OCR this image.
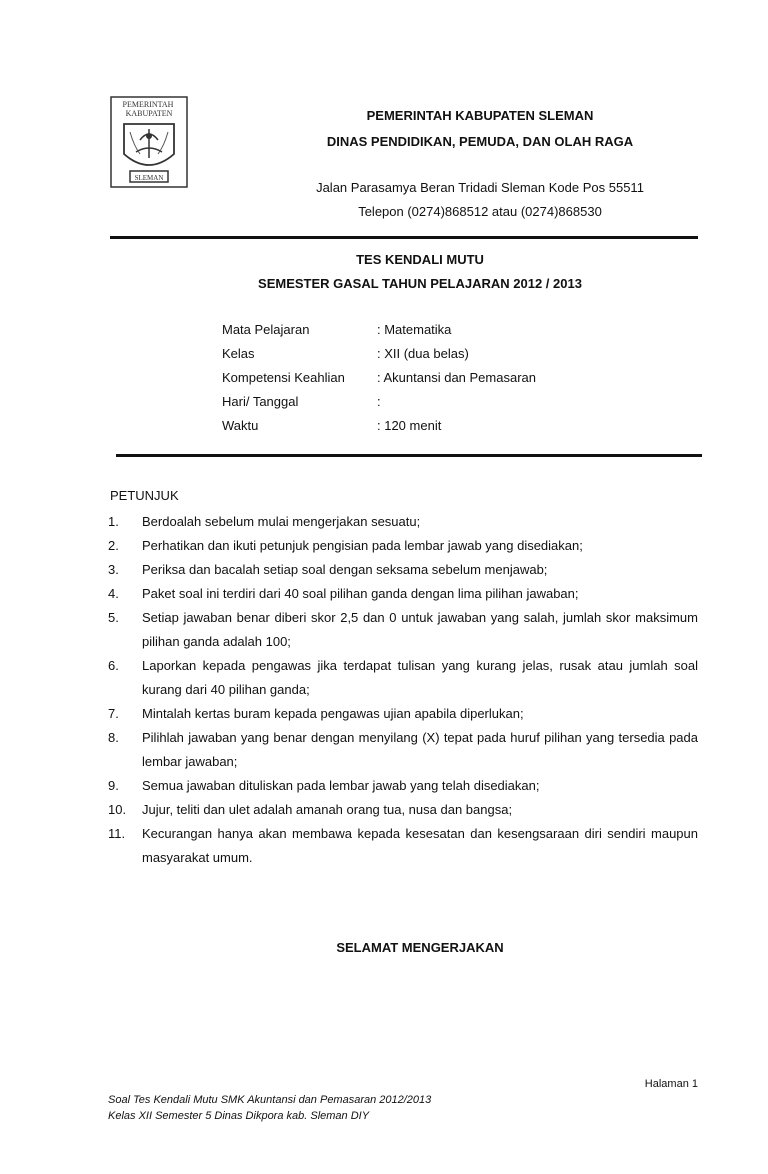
PEMERINTAH KABUPATEN
SLEMAN
PEMERINTAH KABUPATEN SLEMAN
DINAS PENDIDIKAN, PEMUDA, DAN OLAH RAGA
Jalan Parasamya Beran Tridadi Sleman Kode Pos 55511
Telepon (0274)868512 atau (0274)868530
TES KENDALI MUTU
SEMESTER GASAL TAHUN PELAJARAN 2012 / 2013
Mata Pelajaran	: Matematika
Kelas	: XII (dua belas)
Kompetensi Keahlian : Akuntansi dan Pemasaran
Hari/ Tanggal	:
Waktu	: 120 menit
PETUNJUK
1.	Berdoalah sebelum mulai mengerjakan sesuatu;
2.	Perhatikan dan ikuti petunjuk pengisian pada lembar jawab yang disediakan;
3.	Periksa dan bacalah setiap soal dengan seksama sebelum menjawab;
4.	Paket soal ini terdiri dari 40 soal pilihan ganda dengan lima pilihan jawaban;
5.	Setiap jawaban benar diberi skor 2,5 dan 0 untuk jawaban yang salah, jumlah skor maksimum pilihan ganda adalah 100;
6.	Laporkan kepada pengawas jika terdapat tulisan yang kurang jelas, rusak atau jumlah soal kurang dari 40 pilihan ganda;
7.	Mintalah kertas buram kepada pengawas ujian apabila diperlukan;
8.	Pilihlah jawaban yang benar dengan menyilang (X) tepat pada huruf pilihan yang tersedia pada lembar jawaban;
9.	Semua jawaban dituliskan pada lembar jawab yang telah disediakan;
10.	Jujur, teliti dan ulet adalah amanah orang tua, nusa dan bangsa;
11.	Kecurangan hanya akan membawa kepada kesesatan dan kesengsaraan diri sendiri maupun masyarakat umum.
SELAMAT MENGERJAKAN
Halaman 1
Soal Tes Kendali Mutu SMK Akuntansi dan Pemasaran 2012/2013
Kelas XII Semester 5 Dinas Dikpora kab. Sleman DIY
